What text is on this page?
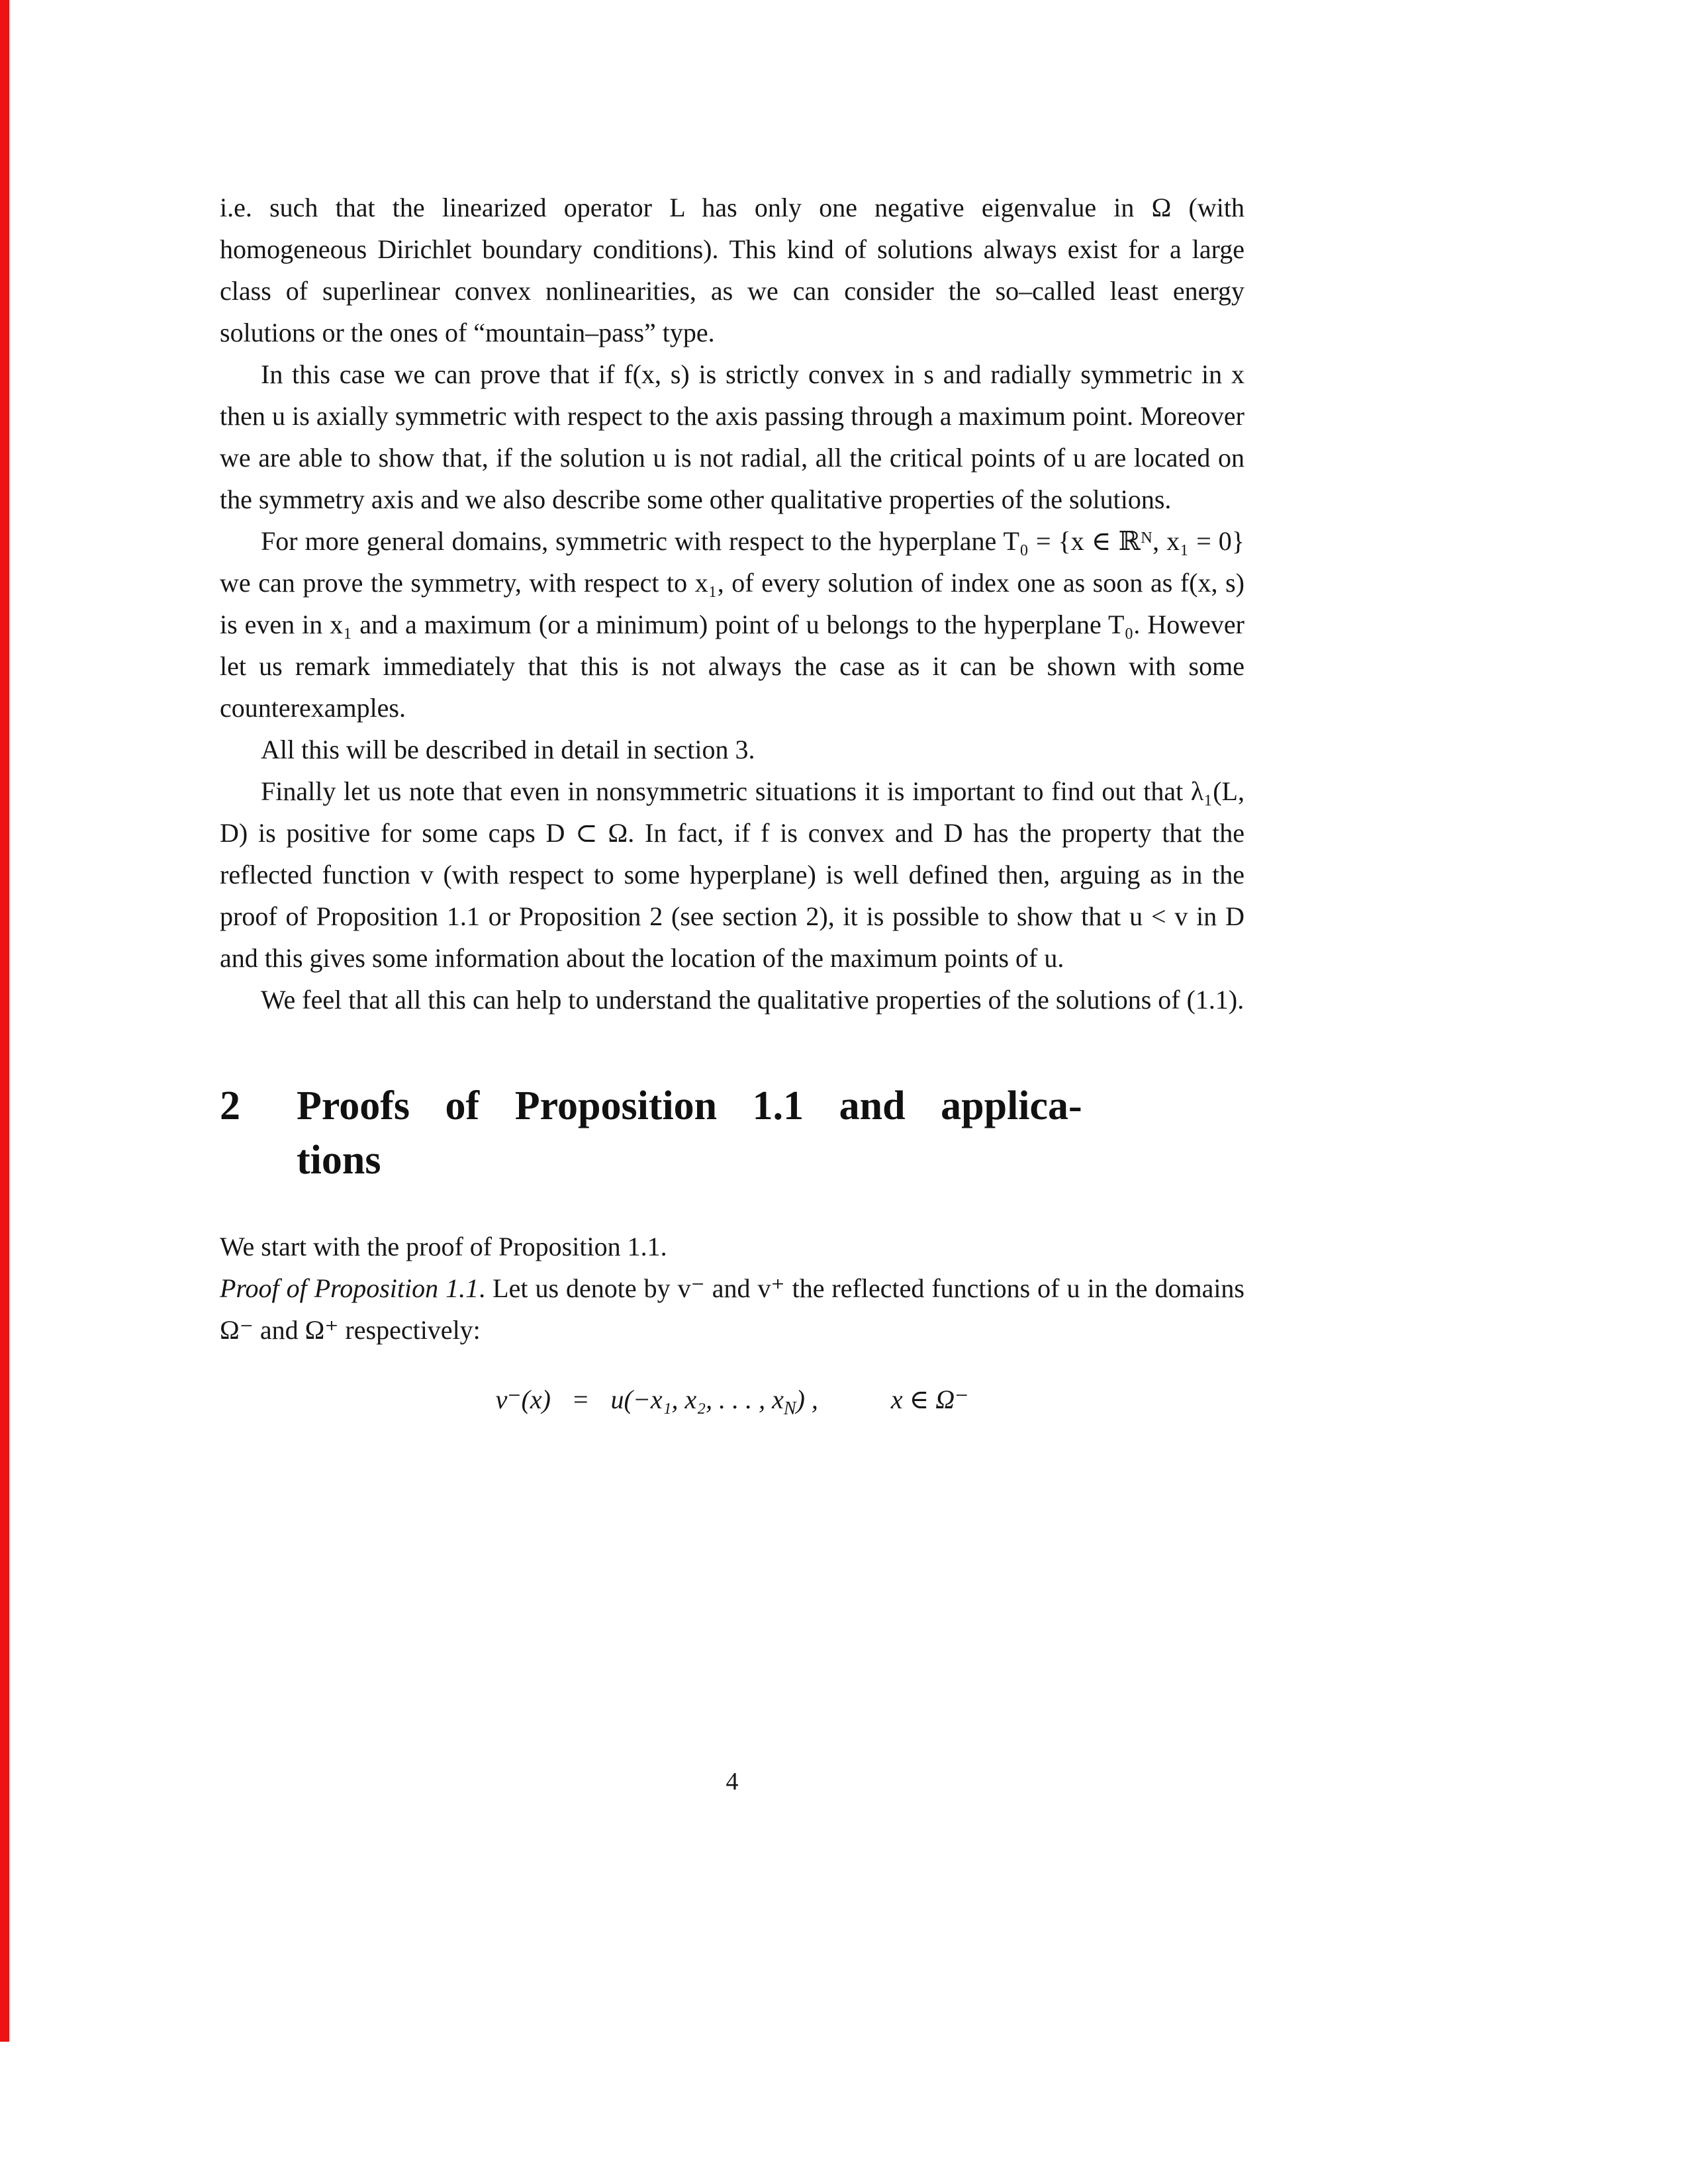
i.e. such that the linearized operator L has only one negative eigenvalue in Ω (with homogeneous Dirichlet boundary conditions). This kind of solutions always exist for a large class of superlinear convex nonlinearities, as we can consider the so–called least energy solutions or the ones of “mountain–pass” type.

In this case we can prove that if f(x, s) is strictly convex in s and radially symmetric in x then u is axially symmetric with respect to the axis passing through a maximum point. Moreover we are able to show that, if the solution u is not radial, all the critical points of u are located on the symmetry axis and we also describe some other qualitative properties of the solutions.

For more general domains, symmetric with respect to the hyperplane T₀ = {x ∈ ℝᴺ, x₁ = 0} we can prove the symmetry, with respect to x₁, of every solution of index one as soon as f(x, s) is even in x₁ and a maximum (or a minimum) point of u belongs to the hyperplane T₀. However let us remark immediately that this is not always the case as it can be shown with some counterexamples.

All this will be described in detail in section 3.

Finally let us note that even in nonsymmetric situations it is important to find out that λ₁(L, D) is positive for some caps D ⊂ Ω. In fact, if f is convex and D has the property that the reflected function v (with respect to some hyperplane) is well defined then, arguing as in the proof of Proposition 1.1 or Proposition 2 (see section 2), it is possible to show that u < v in D and this gives some information about the location of the maximum points of u.

We feel that all this can help to understand the qualitative properties of the solutions of (1.1).

2	Proofs of Proposition 1.1 and applica-
tions

We start with the proof of Proposition 1.1.

Proof of Proposition 1.1. Let us denote by v⁻ and v⁺ the reflected functions of u in the domains Ω⁻ and Ω⁺ respectively:

v⁻(x) = u(−x₁, x₂, . . . , $x_N$) ,	x ∈ Ω⁻
4
